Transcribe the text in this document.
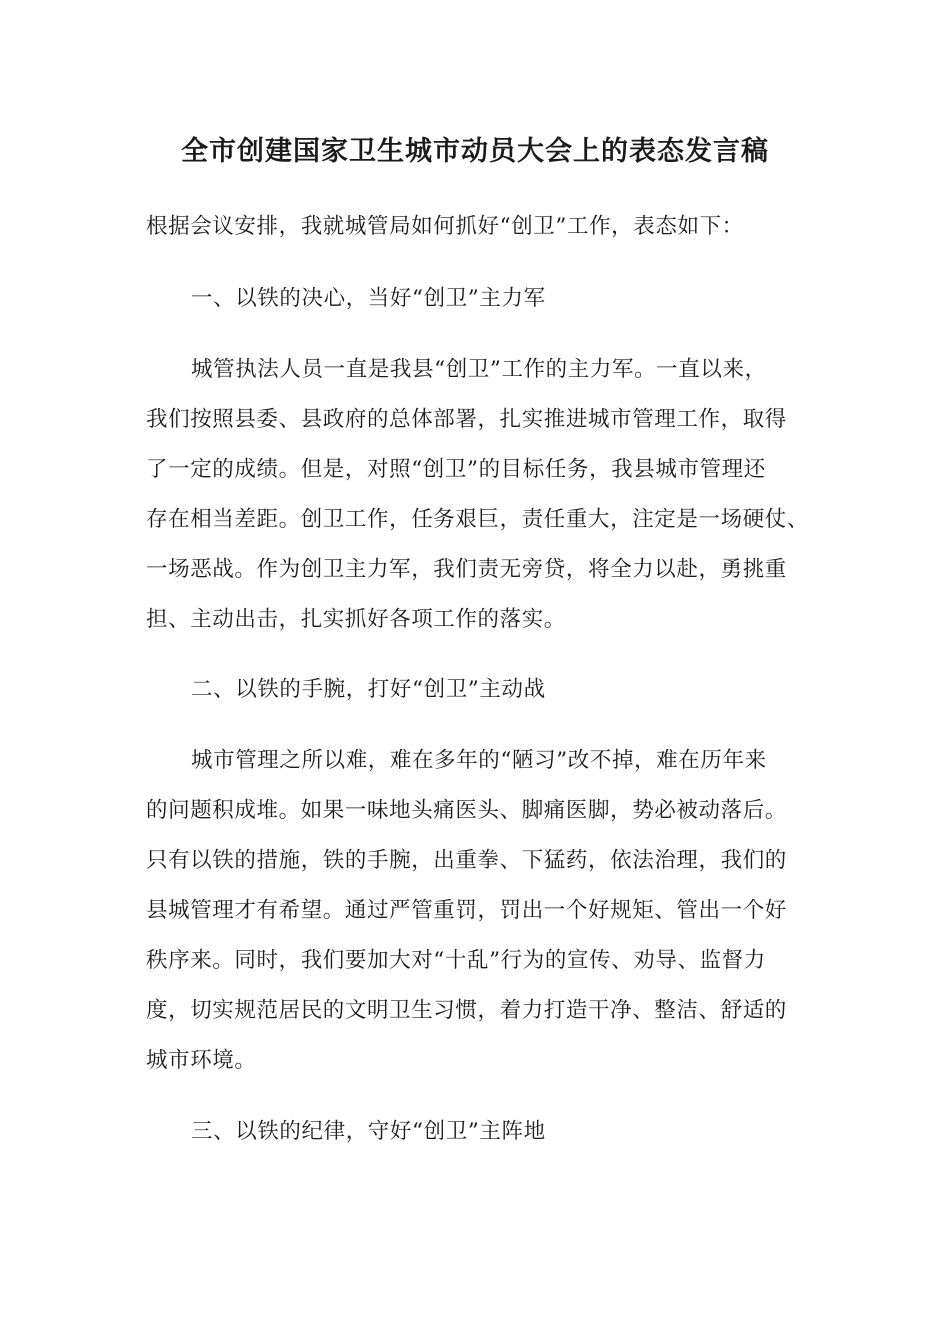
全市创建国家卫生城市动员大会上的表态发言稿
根据会议安排，我就城管局如何抓好“创卫”工作，表态如下：
一、以铁的决心，当好“创卫”主力军
城管执法人员一直是我县“创卫”工作的主力军。一直以来，
我们按照县委、县政府的总体部署，扎实推进城市管理工作，取得
了一定的成绩。但是，对照“创卫”的目标任务，我县城市管理还
存在相当差距。创卫工作，任务艰巨，责任重大，注定是一场硬仗、
一场恶战。作为创卫主力军，我们责无旁贷，将全力以赴，勇挑重
担、主动出击，扎实抓好各项工作的落实。
二、以铁的手腕，打好“创卫”主动战
城市管理之所以难，难在多年的“陋习”改不掉，难在历年来
的问题积成堆。如果一味地头痛医头、脚痛医脚，势必被动落后。
只有以铁的措施，铁的手腕，出重拳、下猛药，依法治理，我们的
县城管理才有希望。通过严管重罚，罚出一个好规矩、管出一个好
秩序来。同时，我们要加大对“十乱”行为的宣传、劝导、监督力
度，切实规范居民的文明卫生习惯，着力打造干净、整洁、舒适的
城市环境。
三、以铁的纪律，守好“创卫”主阵地
